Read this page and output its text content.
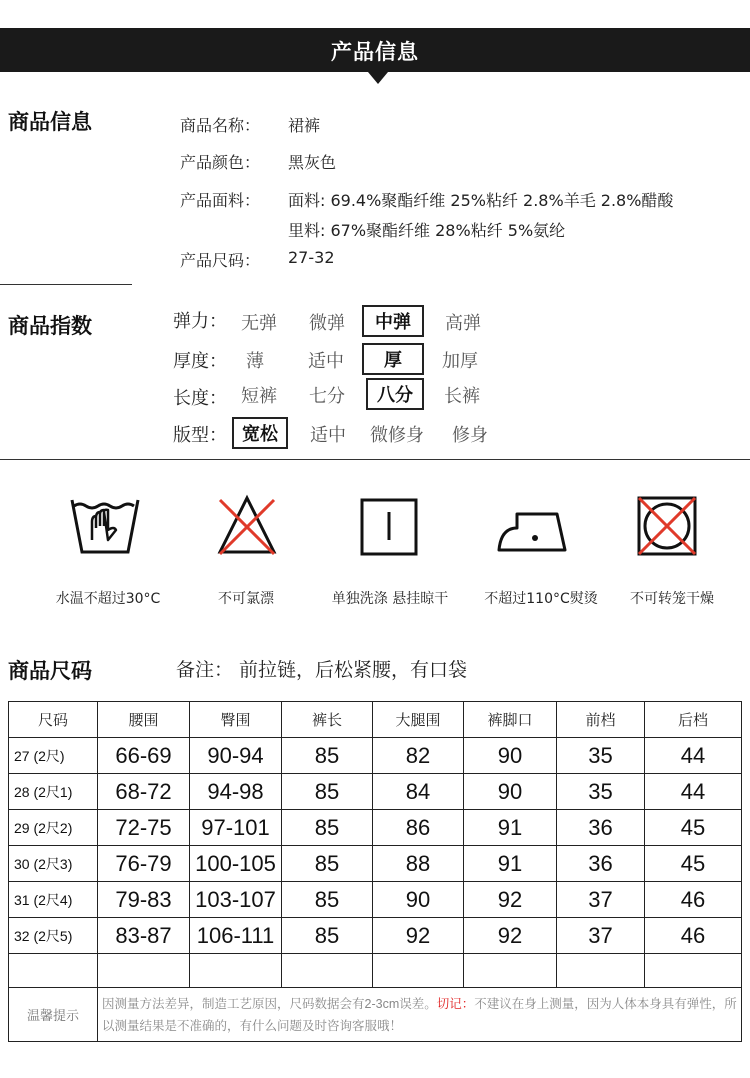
产品信息
商品信息	商品名称： 裙裤
产品颜色： 黑灰色
产品面料： 面料: 69.4%聚酯纤维 25%粘纤 2.8%羊毛 2.8%醋酸
里料: 67%聚酯纤维 28%粘纤 5%氨纶
产品尺码： 27-32
商品指数	弹力： 无弹 微弹	中弹	高弹
厚度： 薄 适中	厚	加厚
长度： 短裤 七分	八分	长裤
版型： 宽松	适中 微修身 修身
水温不超过30°C	不可氯漂	单独洗涤 悬挂晾干	不超过110°C熨烫	不可转笼干燥
商品尺码	备注： 前拉链，后松紧腰，有口袋
尺码	腰围	臀围	裤长	大腿围	裤脚口	前档	后档
27 (2尺)	66-69	90-94	85	82	90	35	44
28 (2尺1)	68-72	94-98	85	84	90	35	44
29 (2尺2)	72-75	97-101	85	86	91	36	45
30 (2尺3)	76-79	100-105	85	88	91	36	45
31 (2尺4)	79-83	103-107	85	90	92	37	46
32 (2尺5)	83-87	106-111	85	92	92	37	46

温馨提示	因测量方法差异，制造工艺原因，尺码数据会有2-3cm误差。切记：不建议在身上测量，因为人体本身具有弹性，所以测量结果是不准确的，有什么问题及时咨询客服哦！						
